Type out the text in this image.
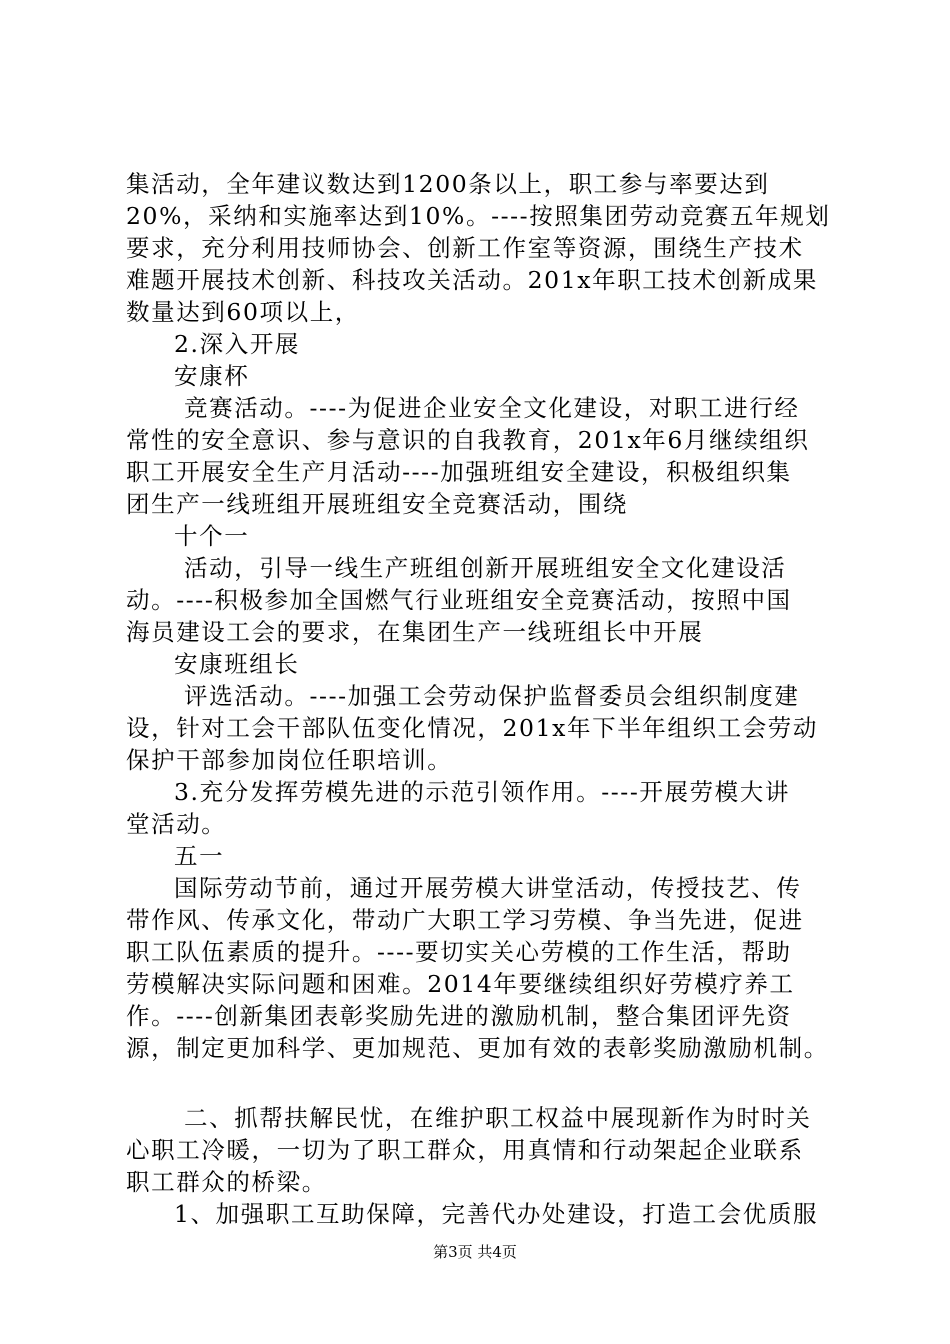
集活动，全年建议数达到1200条以上，职工参与率要达到
20%，采纳和实施率达到10%。----按照集团劳动竞赛五年规划
要求，充分利用技师协会、创新工作室等资源，围绕生产技术
难题开展技术创新、科技攻关活动。201x年职工技术创新成果
数量达到60项以上，
2.深入开展
安康杯
竞赛活动。----为促进企业安全文化建设，对职工进行经
常性的安全意识、参与意识的自我教育，201x年6月继续组织
职工开展安全生产月活动----加强班组安全建设，积极组织集
团生产一线班组开展班组安全竞赛活动，围绕
十个一
活动，引导一线生产班组创新开展班组安全文化建设活
动。----积极参加全国燃气行业班组安全竞赛活动，按照中国
海员建设工会的要求，在集团生产一线班组长中开展
安康班组长
评选活动。----加强工会劳动保护监督委员会组织制度建
设，针对工会干部队伍变化情况，201x年下半年组织工会劳动
保护干部参加岗位任职培训。
3.充分发挥劳模先进的示范引领作用。----开展劳模大讲
堂活动。
五一
国际劳动节前，通过开展劳模大讲堂活动，传授技艺、传
带作风、传承文化，带动广大职工学习劳模、争当先进，促进
职工队伍素质的提升。----要切实关心劳模的工作生活，帮助
劳模解决实际问题和困难。2014年要继续组织好劳模疗养工
作。----创新集团表彰奖励先进的激励机制，整合集团评先资
源，制定更加科学、更加规范、更加有效的表彰奖励激励机制。
二、抓帮扶解民忧，在维护职工权益中展现新作为时时关
心职工冷暖，一切为了职工群众，用真情和行动架起企业联系
职工群众的桥梁。
1、加强职工互助保障，完善代办处建设，打造工会优质服
第3页 共4页
